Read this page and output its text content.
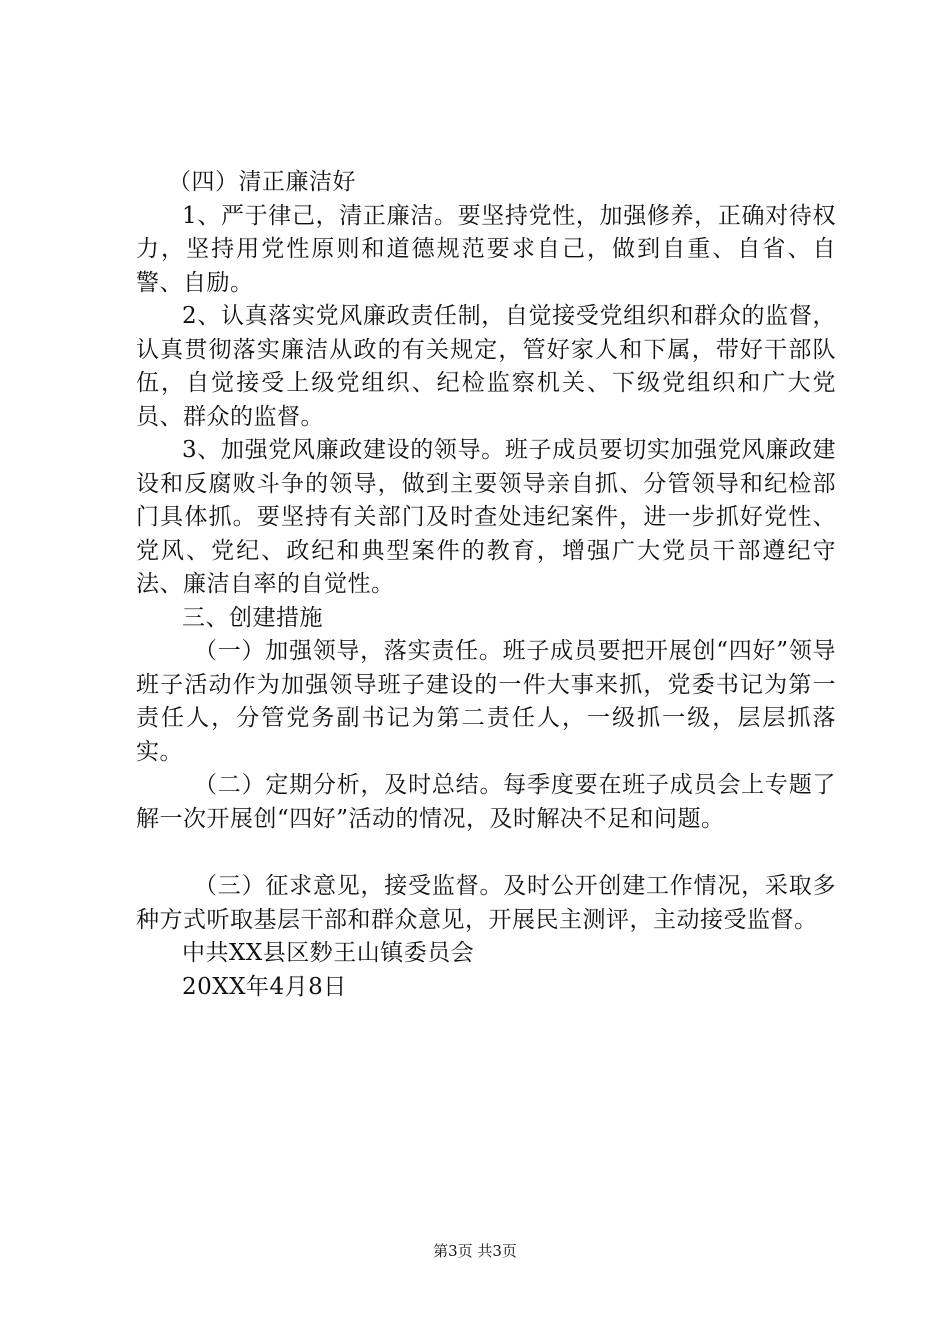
（四）清正廉洁好

1、严于律己，清正廉洁。要坚持党性，加强修养，正确对待权力，坚持用党性原则和道德规范要求自己，做到自重、自省、自警、自励。

2、认真落实党风廉政责任制，自觉接受党组织和群众的监督，认真贯彻落实廉洁从政的有关规定，管好家人和下属，带好干部队伍，自觉接受上级党组织、纪检监察机关、下级党组织和广大党员、群众的监督。

3、加强党风廉政建设的领导。班子成员要切实加强党风廉政建设和反腐败斗争的领导，做到主要领导亲自抓、分管领导和纪检部门具体抓。要坚持有关部门及时查处违纪案件，进一步抓好党性、党风、党纪、政纪和典型案件的教育，增强广大党员干部遵纪守法、廉洁自率的自觉性。

三、创建措施

（一）加强领导，落实责任。班子成员要把开展创“四好”领导班子活动作为加强领导班子建设的一件大事来抓，党委书记为第一责任人，分管党务副书记为第二责任人，一级抓一级，层层抓落实。

（二）定期分析，及时总结。每季度要在班子成员会上专题了解一次开展创“四好”活动的情况，及时解决不足和问题。

（三）征求意见，接受监督。及时公开创建工作情况，采取多种方式听取基层干部和群众意见，开展民主测评，主动接受监督。

中共XX县区麨王山镇委员会

20XX年4月8日

第3页 共3页
